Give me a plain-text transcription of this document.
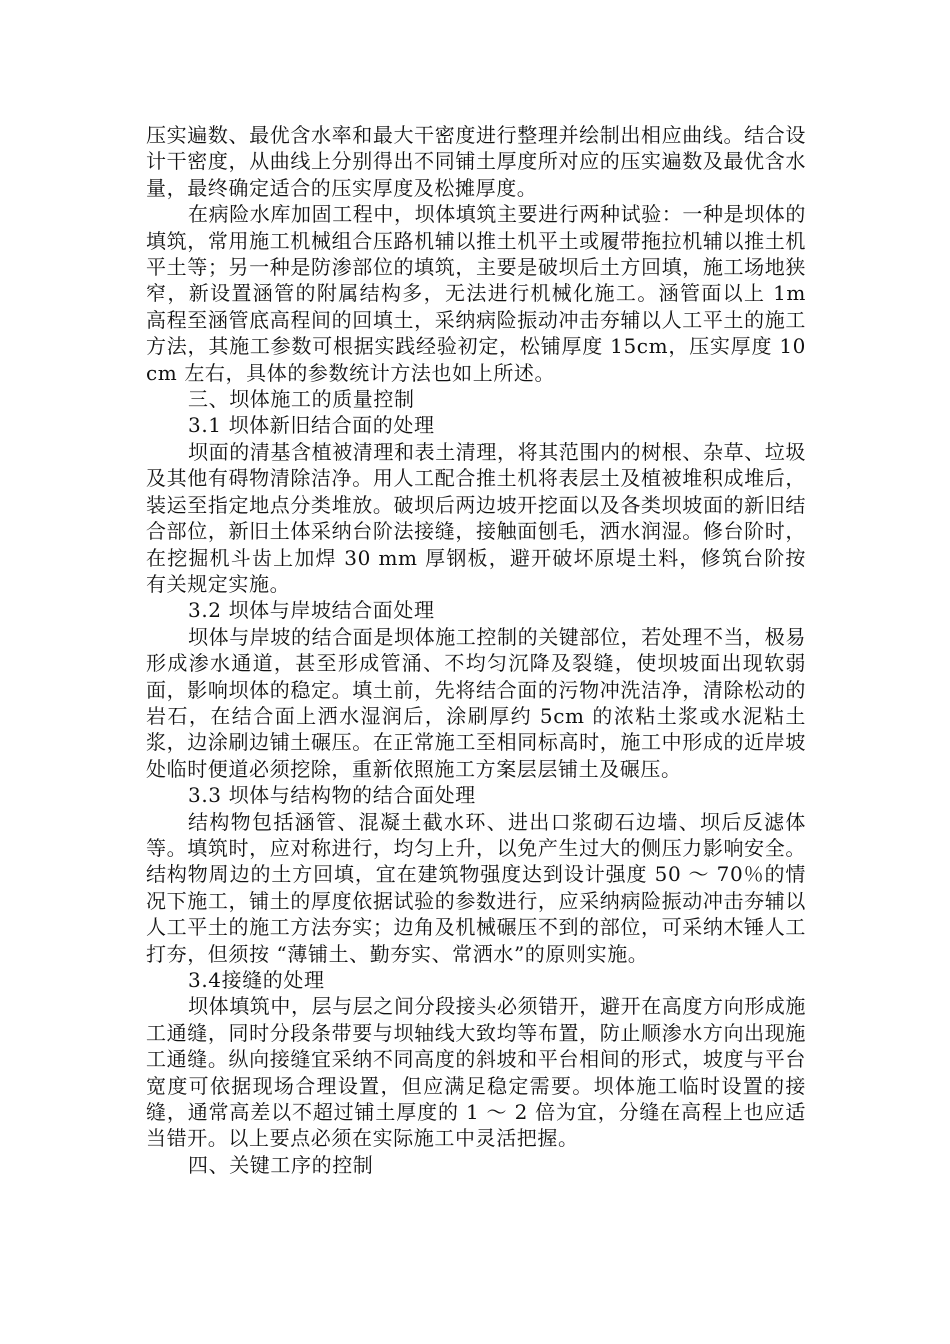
压实遍数、最优含水率和最大干密度进行整理并绘制出相应曲线。结合设计干密度，从曲线上分别得出不同铺土厚度所对应的压实遍数及最优含水量，最终确定适合的压实厚度及松摊厚度。

在病险水库加固工程中，坝体填筑主要进行两种试验：一种是坝体的填筑，常用施工机械组合压路机辅以推土机平土或履带拖拉机辅以推土机平土等；另一种是防渗部位的填筑，主要是破坝后土方回填，施工场地狭窄，新设置涵管的附属结构多，无法进行机械化施工。涵管面以上 1m 高程至涵管底高程间的回填土，采纳病险振动冲击夯辅以人工平土的施工方法，其施工参数可根据实践经验初定，松铺厚度 15cm，压实厚度 10cm 左右，具体的参数统计方法也如上所述。

三、坝体施工的质量控制

3.1 坝体新旧结合面的处理

坝面的清基含植被清理和表土清理，将其范围内的树根、杂草、垃圾及其他有碍物清除洁净。用人工配合推土机将表层土及植被堆积成堆后，装运至指定地点分类堆放。破坝后两边坡开挖面以及各类坝坡面的新旧结合部位，新旧土体采纳台阶法接缝，接触面刨毛，洒水润湿。修台阶时，在挖掘机斗齿上加焊 30 mm 厚钢板，避开破坏原堤土料，修筑台阶按有关规定实施。

3.2 坝体与岸坡结合面处理

坝体与岸坡的结合面是坝体施工控制的关键部位，若处理不当，极易形成渗水通道，甚至形成管涌、不均匀沉降及裂缝，使坝坡面出现软弱面，影响坝体的稳定。填土前，先将结合面的污物冲洗洁净，清除松动的岩石，在结合面上洒水湿润后，涂刷厚约 5cm 的浓粘土浆或水泥粘土浆，边涂刷边铺土碾压。在正常施工至相同标高时，施工中形成的近岸坡处临时便道必须挖除，重新依照施工方案层层铺土及碾压。

3.3 坝体与结构物的结合面处理

结构物包括涵管、混凝土截水环、进出口浆砌石边墙、坝后反滤体等。填筑时，应对称进行，均匀上升，以免产生过大的侧压力影响安全。结构物周边的土方回填，宜在建筑物强度达到设计强度 50 ～ 70％的情况下施工，铺土的厚度依据试验的参数进行，应采纳病险振动冲击夯辅以人工平土的施工方法夯实；边角及机械碾压不到的部位，可采纳木锤人工打夯，但须按 “薄铺土、勤夯实、常洒水”的原则实施。

3.4接缝的处理

坝体填筑中，层与层之间分段接头必须错开，避开在高度方向形成施工通缝，同时分段条带要与坝轴线大致均等布置，防止顺渗水方向出现施工通缝。纵向接缝宜采纳不同高度的斜坡和平台相间的形式，坡度与平台宽度可依据现场合理设置，但应满足稳定需要。坝体施工临时设置的接缝，通常高差以不超过铺土厚度的 1 ～ 2 倍为宜，分缝在高程上也应适当错开。以上要点必须在实际施工中灵活把握。

四、关键工序的控制
